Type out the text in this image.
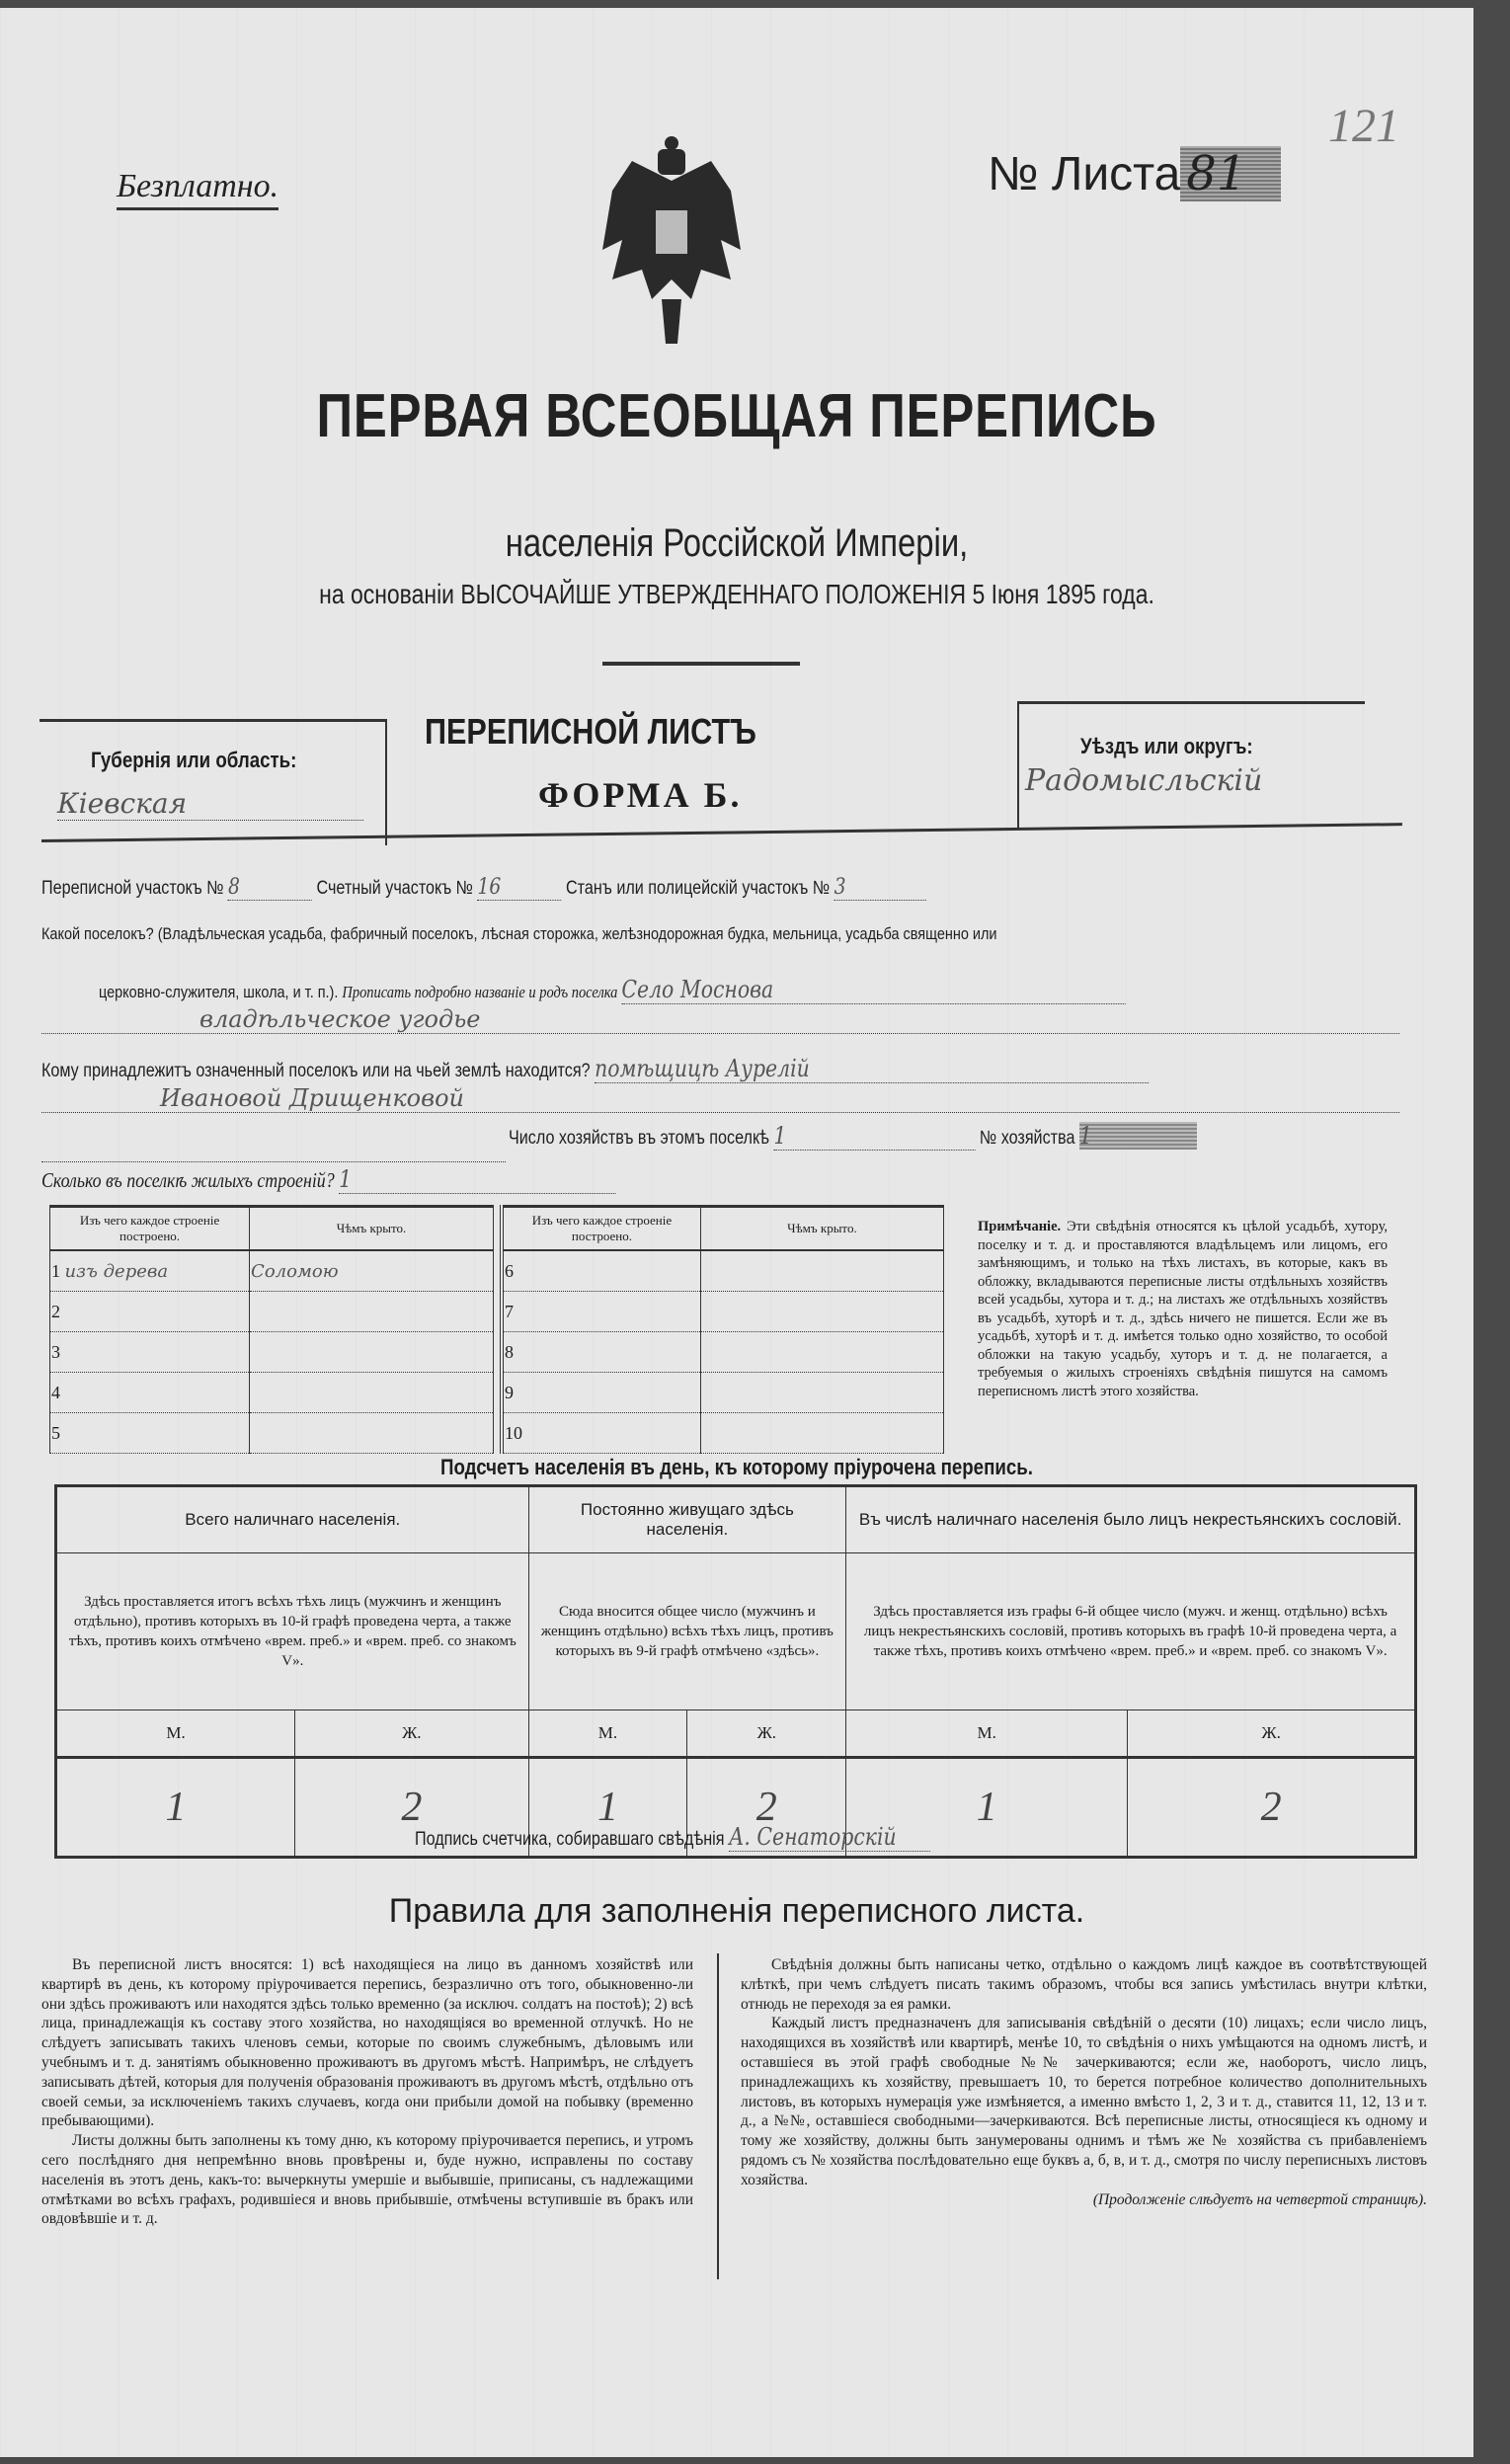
Безплатно.	№ Листа 81
121
ПЕРВАЯ ВСЕОБЩАЯ ПЕРЕПИСЬ
населенія Россійской Имперіи,
на основаніи ВЫСОЧАЙШЕ УТВЕРЖДЕННАГО ПОЛОЖЕНІЯ 5 Іюня 1895 года.
Губернія или область:
Кіевская
ПЕРЕПИСНОЙ ЛИСТЪ
ФОРМА Б.
Уѣздъ или округъ:
Радомысльскій
Переписной участокъ № 8	Счетный участокъ № 16	Станъ или полицейскій участокъ № 3
Какой поселокъ? (Владѣльческая усадьба, фабричный поселокъ, лѣсная сторожка, желѣзнодорожная будка, мельница, усадьба священно или
церковно-служителя, школа, и т. п.). Прописать подробно названіе и родъ поселка Село Моснова
владѣльческое угодье
Кому принадлежитъ означенный поселокъ или на чьей землѣ находится? помѣщицѣ Аурелій
Ивановой Дрищенковой
Число хозяйствъ въ этомъ поселкѣ 1	№ хозяйства 1
Сколько въ поселкѣ жилыхъ строеній? 1
Изъ чего каждое строеніе построено.	Чѣмъ крыто.
1 изъ дерева	Соломою
2	
3	
4	
5	
Изъ чего каждое строеніе построено.	Чѣмъ крыто.
6	
7	
8	
9	
10	
Примѣчаніе. Эти свѣдѣнія относятся къ цѣлой усадьбѣ, хутору, поселку и т. д. и проставляются владѣльцемъ или лицомъ, его замѣняющимъ, и только на тѣхъ листахъ, въ которые, какъ въ обложку, вкладываются переписные листы отдѣльныхъ хозяйствъ всей усадьбы, хутора и т. д.; на листахъ же отдѣльныхъ хозяйствъ въ усадьбѣ, хуторѣ и т. д., здѣсь ничего не пишется. Если же въ усадьбѣ, хуторѣ и т. д. имѣется только одно хозяйство, то особой обложки на такую усадьбу, хуторъ и т. д. не полагается, а требуемыя о жилыхъ строеніяхъ свѣдѣнія пишутся на самомъ переписномъ листѣ этого хозяйства.
Подсчетъ населенія въ день, къ которому пріурочена перепись.
Всего наличнаго населенія.		Постоянно живущаго здѣсь населенія.		Въ числѣ наличнаго населенія было лицъ некрестьянскихъ сословій.	
Здѣсь проставляется итогъ всѣхъ тѣхъ лицъ (мужчинъ и женщинъ отдѣльно), противъ которыхъ въ 10-й графѣ проведена черта, а также тѣхъ, противъ коихъ отмѣчено «врем. преб.» и «врем. преб. со знакомъ V».		Сюда вносится общее число (мужчинъ и женщинъ отдѣльно) всѣхъ тѣхъ лицъ, противъ которыхъ въ 9-й графѣ отмѣчено «здѣсь».		Здѣсь проставляется изъ графы 6-й общее число (мужч. и женщ. отдѣльно) всѣхъ лицъ некрестьянскихъ сословій, противъ которыхъ въ графѣ 10-й проведена черта, а также тѣхъ, противъ коихъ отмѣчено «врем. преб.» и «врем. преб. со знакомъ V».	
М.	Ж.	М.	Ж.	М.	Ж.
1	2	1	2	1	2
Подпись счетчика, собиравшаго свѣдѣнія А. Сенаторскій
Правила для заполненія переписного листа.

Въ переписной листъ вносятся: 1) всѣ находящіеся на лицо въ данномъ хозяйствѣ или квартирѣ въ день, къ которому пріурочивается перепись, безразлично отъ того, обыкновенно-ли они здѣсь проживаютъ или находятся здѣсь только временно (за исключ. солдатъ на постоѣ); 2) всѣ лица, принадлежащія къ составу этого хозяйства, но находящіяся во временной отлучкѣ. Но не слѣдуетъ записывать такихъ членовъ семьи, которые по своимъ служебнымъ, дѣловымъ или учебнымъ и т. д. занятіямъ обыкновенно проживаютъ въ другомъ мѣстѣ. Напримѣръ, не слѣдуетъ записывать дѣтей, которыя для полученія образованія проживаютъ въ другомъ мѣстѣ, отдѣльно отъ своей семьи, за исключеніемъ такихъ случаевъ, когда они прибыли домой на побывку (временно пребывающими).

Листы должны быть заполнены къ тому дню, къ которому пріурочивается перепись, и утромъ сего послѣдняго дня непремѣнно вновь провѣрены и, буде нужно, исправлены по составу населенія въ этотъ день, какъ-то: вычеркнуты умершіе и выбывшіе, приписаны, съ надлежащими отмѣтками во всѣхъ графахъ, родившіеся и вновь прибывшіе, отмѣчены вступившіе въ бракъ или овдовѣвшіе и т. д.

Свѣдѣнія должны быть написаны четко, отдѣльно о каждомъ лицѣ каждое въ соотвѣтствующей клѣткѣ, при чемъ слѣдуетъ писать такимъ образомъ, чтобы вся запись умѣстилась внутри клѣтки, отнюдь не переходя за ея рамки.

Каждый листъ предназначенъ для записыванія свѣдѣній о десяти (10) лицахъ; если число лицъ, находящихся въ хозяйствѣ или квартирѣ, менѣе 10, то свѣдѣнія о нихъ умѣщаются на одномъ листѣ, и оставшіеся въ этой графѣ свободные №№ зачеркиваются; если же, наоборотъ, число лицъ, принадлежащихъ къ хозяйству, превышаетъ 10, то берется потребное количество дополнительныхъ листовъ, въ которыхъ нумерація уже измѣняется, а именно вмѣсто 1, 2, 3 и т. д., ставится 11, 12, 13 и т. д., а №№, оставшіеся свободными—зачеркиваются. Всѣ переписные листы, относящіеся къ одному и тому же хозяйству, должны быть занумерованы однимъ и тѣмъ же № хозяйства съ прибавленіемъ рядомъ съ № хозяйства послѣдовательно еще буквъ а, б, в, и т. д., смотря по числу переписныхъ листовъ хозяйства.

(Продолженіе слѣдуетъ на четвертой страницѣ).
